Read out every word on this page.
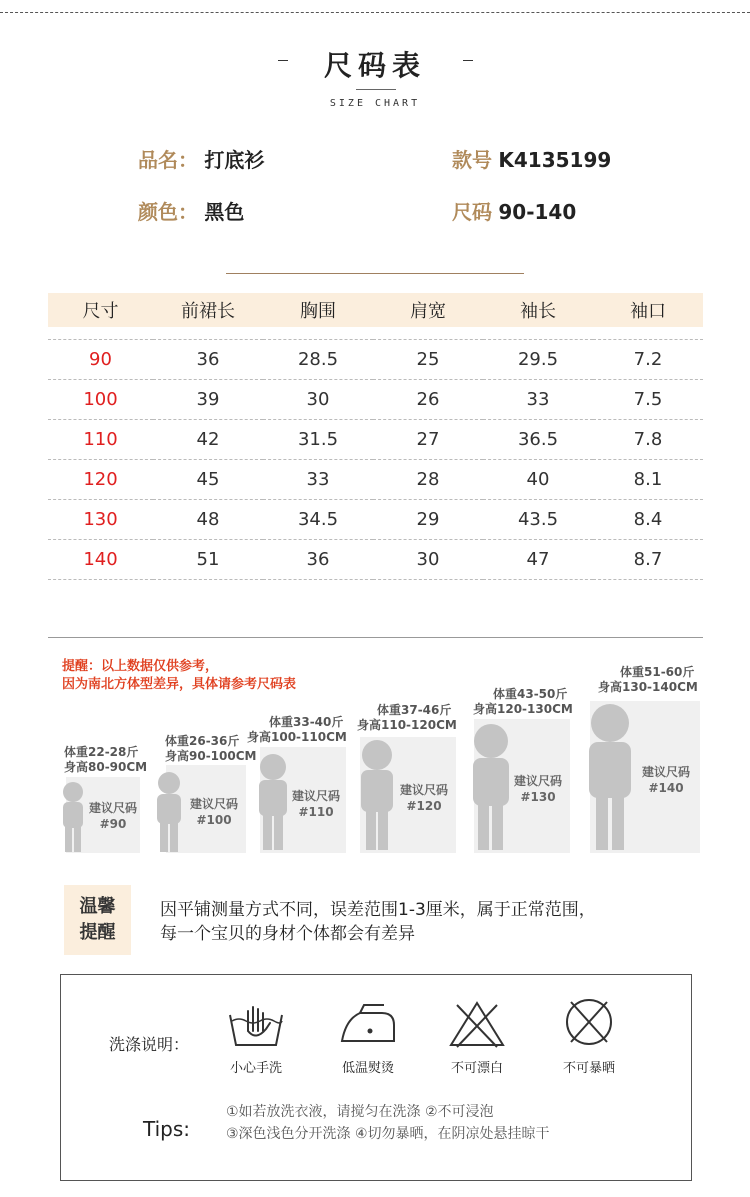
尺码表
SIZE CHART
品名： 打底衫	款号 K4135199
颜色： 黑色	尺码 90-140
尺寸	前裙长	胸围	肩宽	袖长	袖口

90	36	28.5	25	29.5	7.2
100	39	30	26	33	7.5
110	42	31.5	27	36.5	7.8
120	45	33	28	40	8.1
130	48	34.5	29	43.5	8.4
140	51	36	30	47	8.7
提醒：以上数据仅供参考，
因为南北方体型差异，具体请参考尺码表
体重22-28斤
身高80-90CM
建议尺码
#90
体重26-36斤
身高90-100CM
建议尺码
#100
体重33-40斤
身高100-110CM
建议尺码
#110
体重37-46斤
身高110-120CM
建议尺码
#120
体重43-50斤
身高120-130CM
建议尺码
#130
体重51-60斤
身高130-140CM
建议尺码
#140
温馨
提醒
因平铺测量方式不同，误差范围1-3厘米，属于正常范围，
每一个宝贝的身材个体都会有差异
洗涤说明：
小心手洗	低温熨烫	不可漂白	不可暴晒
Tips:
①如若放洗衣液，请搅匀在洗涤 ②不可浸泡
③深色浅色分开洗涤 ④切勿暴晒，在阴凉处悬挂晾干
